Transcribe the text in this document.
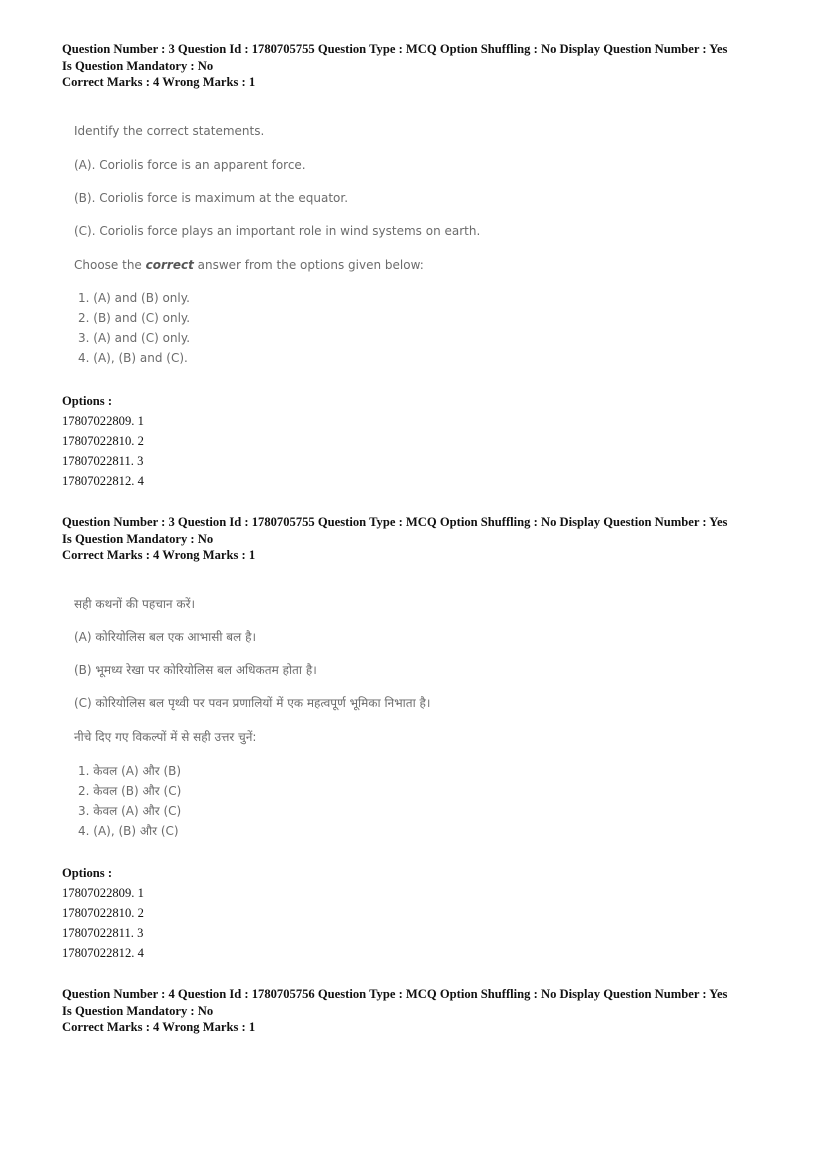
Question Number : 3 Question Id : 1780705755 Question Type : MCQ Option Shuffling : No Display Question Number : Yes
Is Question Mandatory : No
Correct Marks : 4 Wrong Marks : 1
Identify the correct statements.
(A). Coriolis force is an apparent force.
(B). Coriolis force is maximum at the equator.
(C). Coriolis force plays an important role in wind systems on earth.
Choose the correct answer from the options given below:
1. (A) and (B) only.
2. (B) and (C) only.
3. (A) and (C) only.
4. (A), (B) and (C).
Options :
17807022809. 1
17807022810. 2
17807022811. 3
17807022812. 4
Question Number : 3 Question Id : 1780705755 Question Type : MCQ Option Shuffling : No Display Question Number : Yes
Is Question Mandatory : No
Correct Marks : 4 Wrong Marks : 1
सही कथनों की पहचान करें।
(A) कोरियोलिस बल एक आभासी बल है।
(B) भूमध्य रेखा पर कोरियोलिस बल अधिकतम होता है।
(C) कोरियोलिस बल पृथ्वी पर पवन प्रणालियों में एक महत्वपूर्ण भूमिका निभाता है।
नीचे दिए गए विकल्पों में से सही उत्तर चुनें:
1. केवल (A) और (B)
2. केवल (B) और (C)
3. केवल (A) और (C)
4. (A), (B) और (C)
Options :
17807022809. 1
17807022810. 2
17807022811. 3
17807022812. 4
Question Number : 4 Question Id : 1780705756 Question Type : MCQ Option Shuffling : No Display Question Number : Yes
Is Question Mandatory : No
Correct Marks : 4 Wrong Marks : 1
